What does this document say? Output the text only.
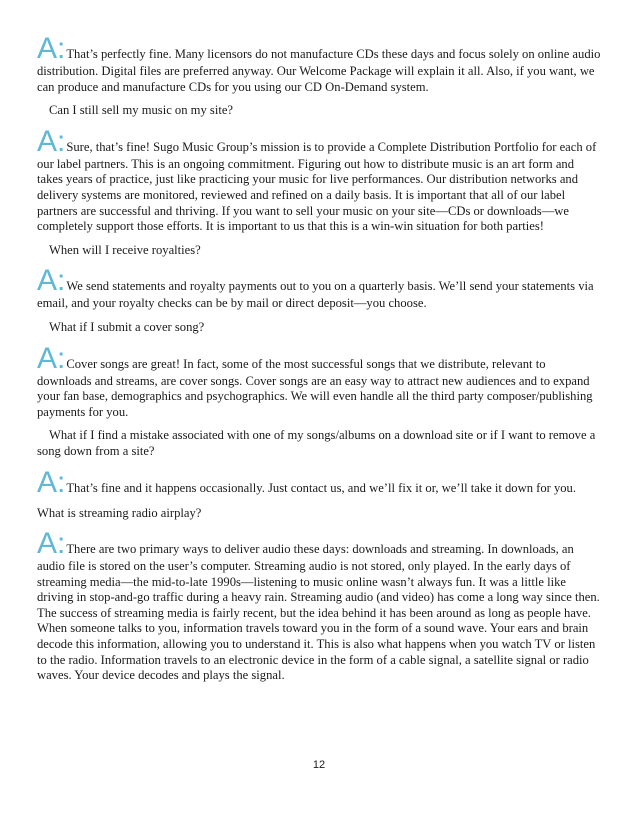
A:That’s perfectly fine. Many licensors do not manufacture CDs these days and focus solely on online audio
distribution. Digital files are preferred anyway. Our Welcome Package will explain it all. Also, if you want, we can produce and manufacture CDs for you using our CD On-Demand system.
Can I still sell my music on my site?
A:Sure, that’s fine! Sugo Music Group’s mission is to provide a Complete Distribution Portfolio for each of
our label partners. This is an ongoing commitment. Figuring out how to distribute music is an art form and takes years of practice, just like practicing your music for live performances. Our distribution networks and delivery systems are monitored, reviewed and refined on a daily basis. It is important that all of our label partners are successful and thriving. If you want to sell your music on your site—CDs or downloads—we completely support those efforts. It is important to us that this is a win-win situation for both parties!
When will I receive royalties?
A:We send statements and royalty payments out to you on a quarterly basis. We’ll send your statements via
email, and your royalty checks can be by mail or direct deposit—you choose.
What if I submit a cover song?
A:Cover songs are great! In fact, some of the most successful songs that we distribute, relevant to
downloads and streams, are cover songs. Cover songs are an easy way to attract new audiences and to expand your fan base, demographics and psychographics. We will even handle all the third party composer/publishing payments for you.
What if I find a mistake associated with one of my songs/albums on a download site or if I want to remove a song down from a site?
A:That’s fine and it happens occasionally. Just contact us, and we’ll fix it or, we’ll take it down for you.
What is streaming radio airplay?
A:There are two primary ways to deliver audio these days: downloads and streaming. In downloads, an
audio file is stored on the user’s computer. Streaming audio is not stored, only played. In the early days of streaming media—the mid-to-late 1990s—listening to music online wasn’t always fun. It was a little like driving in stop-and-go traffic during a heavy rain. Streaming audio (and video) has come a long way since then. The success of streaming media is fairly recent, but the idea behind it has been around as long as people have. When someone talks to you, information travels toward you in the form of a sound wave. Your ears and brain decode this information, allowing you to understand it. This is also what happens when you watch TV or listen to the radio. Information travels to an electronic device in the form of a cable signal, a satellite signal or radio waves. Your device decodes and plays the signal.
12
